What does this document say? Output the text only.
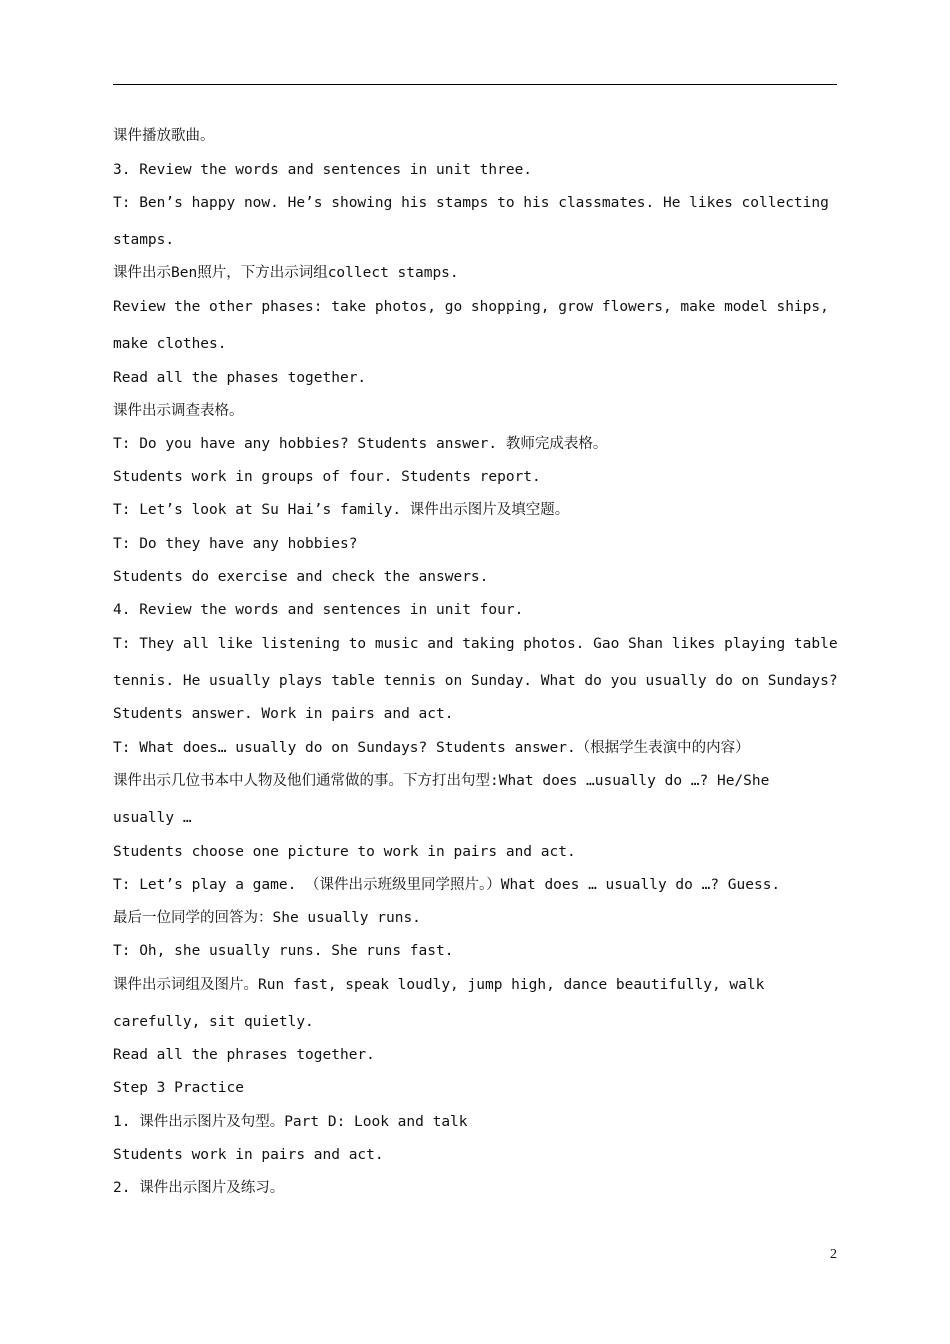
课件播放歌曲。
3. Review the words and sentences in unit three.
T: Ben’s happy now. He’s showing his stamps to his classmates. He likes collecting
stamps.
课件出示Ben照片，下方出示词组collect stamps.
Review the other phases: take photos, go shopping, grow flowers, make model ships,
make clothes.
Read all the phases together.
课件出示调查表格。
T: Do you have any hobbies? Students answer. 教师完成表格。
Students work in groups of four. Students report.
T: Let’s look at Su Hai’s family. 课件出示图片及填空题。
T: Do they have any hobbies?
Students do exercise and check the answers.
4. Review the words and sentences in unit four.
T: They all like listening to music and taking photos. Gao Shan likes playing table
tennis. He usually plays table tennis on Sunday. What do you usually do on Sundays?
Students answer. Work in pairs and act.
T: What does… usually do on Sundays? Students answer.（根据学生表演中的内容）
课件出示几位书本中人物及他们通常做的事。下方打出句型:What does …usually do …? He/She
usually …
Students choose one picture to work in pairs and act.
T: Let’s play a game. （课件出示班级里同学照片。）What does … usually do …? Guess.
最后一位同学的回答为：She usually runs.
T: Oh, she usually runs. She runs fast.
课件出示词组及图片。Run fast, speak loudly, jump high, dance beautifully, walk
carefully, sit quietly.
Read all the phrases together.
Step 3 Practice
1. 课件出示图片及句型。Part D: Look and talk
Students work in pairs and act.
2. 课件出示图片及练习。
2
